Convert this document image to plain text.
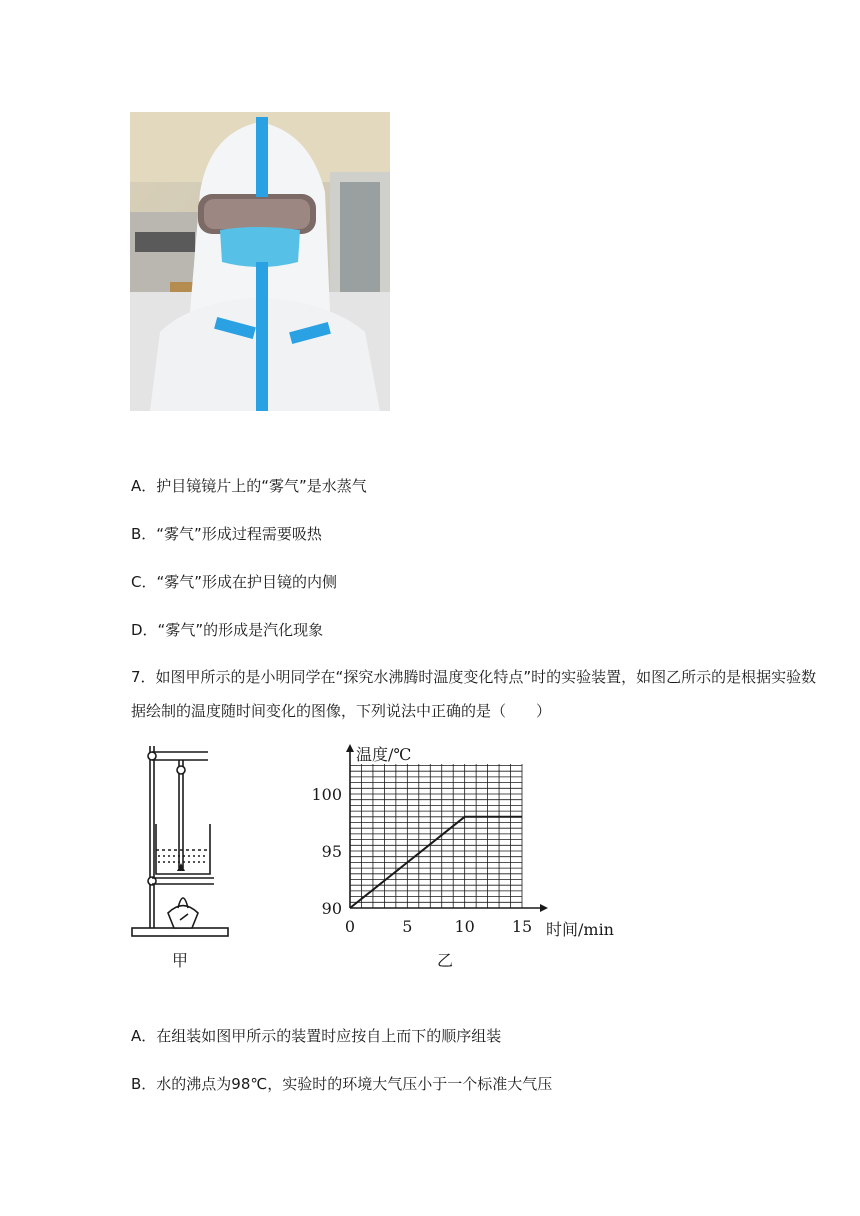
A．护目镜镜片上的“雾气”是水蒸气
B．“雾气”形成过程需要吸热
C．“雾气”形成在护目镜的内侧
D．“雾气”的形成是汽化现象
7．如图甲所示的是小明同学在“探究水沸腾时温度变化特点”时的实验装置，如图乙所示的是根据实验数据绘制的温度随时间变化的图像，下列说法中正确的是（　　）
甲
0	5	10 15
90
95
100
温度/℃
时间/min
乙
A．在组装如图甲所示的装置时应按自上而下的顺序组装
B．水的沸点为98℃，实验时的环境大气压小于一个标准大气压
